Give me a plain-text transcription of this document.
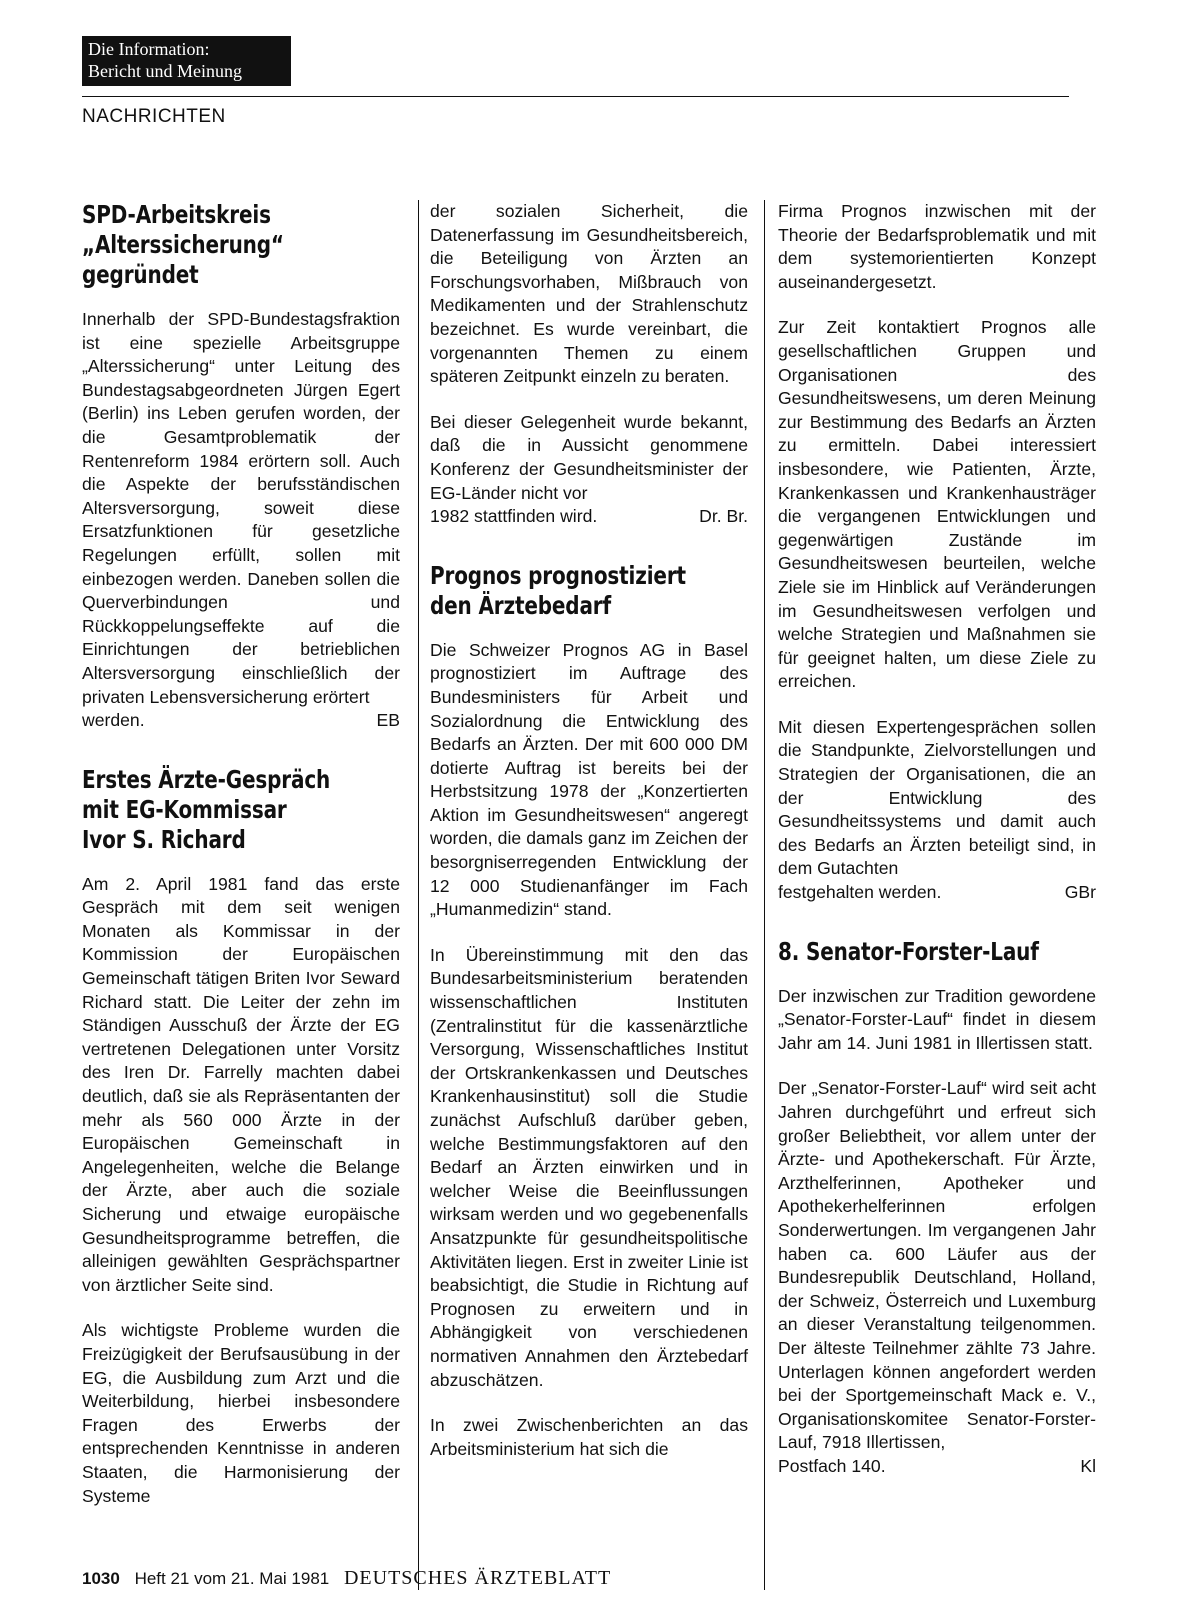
Die Information:
Bericht und Meinung
NACHRICHTEN
SPD-Arbeitskreis
„Alterssicherung“
gegründet

Innerhalb der SPD-Bundestagsfraktion ist eine spezielle Arbeitsgruppe „Alterssicherung“ unter Leitung des Bundestagsabgeordneten Jürgen Egert (Berlin) ins Leben gerufen worden, der die Gesamtproblematik der Rentenreform 1984 erörtern soll. Auch die Aspekte der berufsständischen Altersversorgung, soweit diese Ersatzfunktionen für gesetzliche Regelungen erfüllt, sollen mit einbezogen werden. Daneben sollen die Querverbindungen und Rückkoppelungseffekte auf die Einrichtungen der betrieblichen Altersversorgung einschließlich der privaten Lebensversicherung erörtert

werden.	EB

Erstes Ärzte-Gespräch
mit EG-Kommissar
Ivor S. Richard

Am 2. April 1981 fand das erste Gespräch mit dem seit wenigen Monaten als Kommissar in der Kommission der Europäischen Gemeinschaft tätigen Briten Ivor Seward Richard statt. Die Leiter der zehn im Ständigen Ausschuß der Ärzte der EG vertretenen Delegationen unter Vorsitz des Iren Dr. Farrelly machten dabei deutlich, daß sie als Repräsentanten der mehr als 560 000 Ärzte in der Europäischen Gemeinschaft in Angelegenheiten, welche die Belange der Ärzte, aber auch die soziale Sicherung und etwaige europäische Gesundheitsprogramme betreffen, die alleinigen gewählten Gesprächspartner von ärztlicher Seite sind.

Als wichtigste Probleme wurden die Freizügigkeit der Berufsausübung in der EG, die Ausbildung zum Arzt und die Weiterbildung, hierbei insbesondere Fragen des Erwerbs der entsprechenden Kenntnisse in anderen Staaten, die Harmonisierung der Systeme

der sozialen Sicherheit, die Datenerfassung im Gesundheitsbereich, die Beteiligung von Ärzten an Forschungsvorhaben, Mißbrauch von Medikamenten und der Strahlenschutz bezeichnet. Es wurde vereinbart, die vorgenannten Themen zu einem späteren Zeitpunkt einzeln zu beraten.

Bei dieser Gelegenheit wurde bekannt, daß die in Aussicht genommene Konferenz der Gesundheitsminister der EG-Länder nicht vor

1982 stattfinden wird.	Dr. Br.

Prognos prognostiziert
den Ärztebedarf

Die Schweizer Prognos AG in Basel prognostiziert im Auftrage des Bundesministers für Arbeit und Sozialordnung die Entwicklung des Bedarfs an Ärzten. Der mit 600 000 DM dotierte Auftrag ist bereits bei der Herbstsitzung 1978 der „Konzertierten Aktion im Gesundheitswesen“ angeregt worden, die damals ganz im Zeichen der besorgniserregenden Entwicklung der 12 000 Studienanfänger im Fach „Humanmedizin“ stand.

In Übereinstimmung mit den das Bundesarbeitsministerium beratenden wissenschaftlichen Instituten (Zentralinstitut für die kassenärztliche Versorgung, Wissenschaftliches Institut der Ortskrankenkassen und Deutsches Krankenhausinstitut) soll die Studie zunächst Aufschluß darüber geben, welche Bestimmungsfaktoren auf den Bedarf an Ärzten einwirken und in welcher Weise die Beeinflussungen wirksam werden und wo gegebenenfalls Ansatzpunkte für gesundheitspolitische Aktivitäten liegen. Erst in zweiter Linie ist beabsichtigt, die Studie in Richtung auf Prognosen zu erweitern und in Abhängigkeit von verschiedenen normativen Annahmen den Ärztebedarf abzuschätzen.

In zwei Zwischenberichten an das Arbeitsministerium hat sich die

Firma Prognos inzwischen mit der Theorie der Bedarfsproblematik und mit dem systemorientierten Konzept auseinandergesetzt.

Zur Zeit kontaktiert Prognos alle gesellschaftlichen Gruppen und Organisationen des Gesundheitswesens, um deren Meinung zur Bestimmung des Bedarfs an Ärzten zu ermitteln. Dabei interessiert insbesondere, wie Patienten, Ärzte, Krankenkassen und Krankenhausträger die vergangenen Entwicklungen und gegenwärtigen Zustände im Gesundheitswesen beurteilen, welche Ziele sie im Hinblick auf Veränderungen im Gesundheitswesen verfolgen und welche Strategien und Maßnahmen sie für geeignet halten, um diese Ziele zu erreichen.

Mit diesen Expertengesprächen sollen die Standpunkte, Zielvorstellungen und Strategien der Organisationen, die an der Entwicklung des Gesundheitssystems und damit auch des Bedarfs an Ärzten beteiligt sind, in dem Gutachten

festgehalten werden.	GBr

8. Senator-Forster-Lauf

Der inzwischen zur Tradition gewordene „Senator-Forster-Lauf“ findet in diesem Jahr am 14. Juni 1981 in Illertissen statt.

Der „Senator-Forster-Lauf“ wird seit acht Jahren durchgeführt und erfreut sich großer Beliebtheit, vor allem unter der Ärzte- und Apothekerschaft. Für Ärzte, Arzthelferinnen, Apotheker und Apothekerhelferinnen erfolgen Sonderwertungen. Im vergangenen Jahr haben ca. 600 Läufer aus der Bundesrepublik Deutschland, Holland, der Schweiz, Österreich und Luxemburg an dieser Veranstaltung teilgenommen. Der älteste Teilnehmer zählte 73 Jahre. Unterlagen können angefordert werden bei der Sportgemeinschaft Mack e. V., Organisationskomitee Senator-Forster-Lauf, 7918 Illertissen,

Postfach 140.	Kl

1030 Heft 21 vom 21. Mai 1981 DEUTSCHES ÄRZTEBLATT
